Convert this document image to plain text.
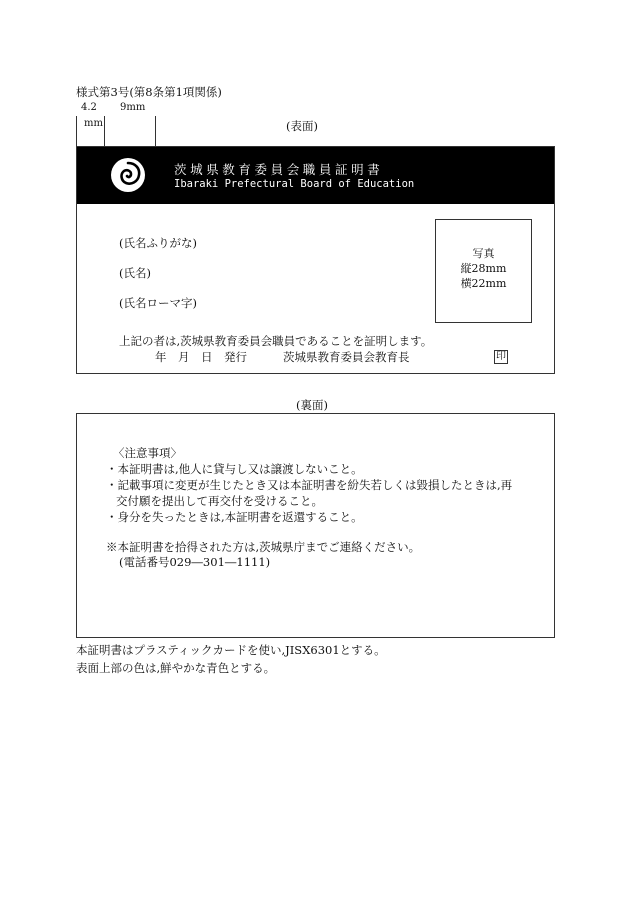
様式第3号(第8条第1項関係)
4.2
mm
9mm
(表面)
茨城県教育委員会職員証明書
Ibaraki Prefectural Board of Education
(氏名ふりがな)
(氏名)
(氏名ローマ字)
写真
縦28mm
横22mm
上記の者は,茨城県教育委員会職員であることを証明します。
年　月　日　発行	茨城県教育委員会教育長	印
(裏面)
〈注意事項〉
・本証明書は,他人に貸与し又は譲渡しないこと。
・記載事項に変更が生じたとき又は本証明書を紛失若しくは毀損したときは,再
交付願を提出して再交付を受けること。
・身分を失ったときは,本証明書を返還すること。
※本証明書を拾得された方は,茨城県庁までご連絡ください。
(電話番号029―301―1111)
本証明書はプラスティックカードを使い,JISX6301とする。
表面上部の色は,鮮やかな青色とする。
